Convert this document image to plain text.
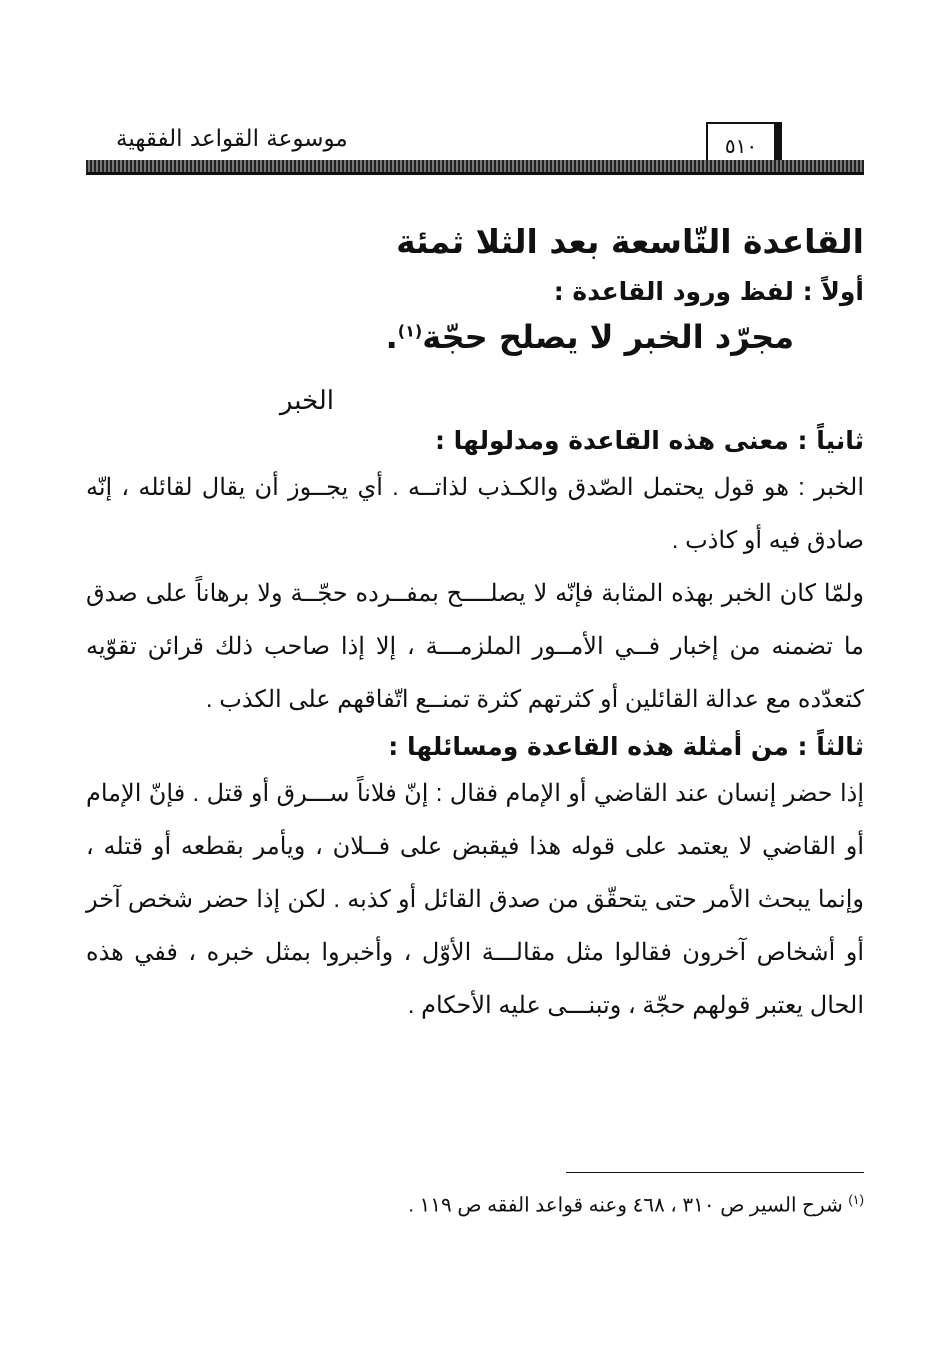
موسوعة القواعد الفقهية	٥١٠
القاعدة التّاسعة بعد الثلا ثمئة
أولاً : لفظ ورود القاعدة :
مجرّد الخبر لا يصلح حجّة$^{(١)}$.
الخبر
ثانياً : معنى هذه القاعدة ومدلولها :

الخبر : هو قول يحتمل الصّدق والكـذب لذاتــه . أي يجــوز أن يقال لقائله ، إنّه صادق فيه أو كاذب .

ولمّا كان الخبر بهذه المثابة فإنّه لا يصلــــح بمفــرده حجّــة ولا برهاناً على صدق ما تضمنه من إخبار فــي الأمــور الملزمـــة ، إلا إذا صاحب ذلك قرائن تقوّيه كتعدّده مع عدالة القائلين أو كثرتهم كثرة تمنــع اتّفاقهم على الكذب .

ثالثاً : من أمثلة هذه القاعدة ومسائلها :

إذا حضر إنسان عند القاضي أو الإمام فقال : إنّ فلاناً ســـرق أو قتل . فإنّ الإمام أو القاضي لا يعتمد على قوله هذا فيقبض على فــلان ، ويأمر بقطعه أو قتله ، وإنما يبحث الأمر حتى يتحقّق من صدق القائل أو كذبه . لكن إذا حضر شخص آخر أو أشخاص آخرون فقالوا مثل مقالـــة الأوّل ، وأخبروا بمثل خبره ، ففي هذه الحال يعتبر قولهم حجّة ، وتبنـــى عليه الأحكام .

$^{(١)}$ شرح السير ص ٣١٠ ، ٤٦٨ وعنه قواعد الفقه ص ١١٩ .
